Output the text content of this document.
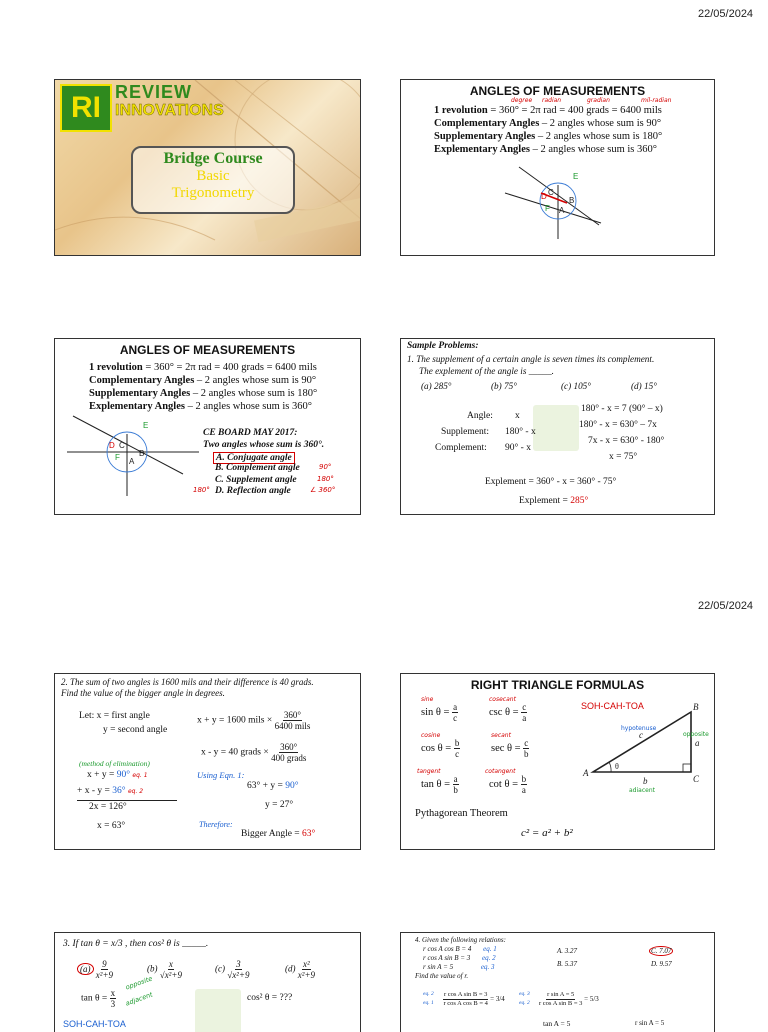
22/05/2024
22/05/2024
RI REVIEW
INNOVATIONS
Bridge Course
Basic
Trigonometry
ANGLES OF MEASUREMENTS
degree radian	gradian	mil-radian
1 revolution = 360° = 2π rad = 400 grads = 6400 mils
Complementary Angles – 2 angles whose sum is 90°
Supplementary Angles – 2 angles whose sum is 180°
Explementary Angles – 2 angles whose sum is 360°
D C
B
A
E
F
ANGLES OF MEASUREMENTS
1 revolution = 360° = 2π rad = 400 grads = 6400 mils
Complementary Angles – 2 angles whose sum is 90°
Supplementary Angles – 2 angles whose sum is 180°
Explementary Angles – 2 angles whose sum is 360°
D C
B
A
E
F
CE BOARD MAY 2017:
Two angles whose sum is 360°.
A. Conjugate angle
B. Complement angle
C. Supplement angle
D. Reflection angle
90°
180°
180°	∠ 360°
Sample Problems:
1. The supplement of a certain angle is seven times its complement.
The explement of the angle is _____.
(a) 285°	(b) 75°	(c) 105°	(d) 15°
Angle: x
Supplement: 180° - x
Complement: 90° - x
180° - x = 7 (90° – x)
180° - x = 630° – 7x
7x - x = 630° - 180°
x = 75°
Explement = 360° - x = 360° - 75°
Explement = 285°
2. The sum of two angles is 1600 mils and their difference is 40 grads.
Find the value of the bigger angle in degrees.
Let: x = first angle
y = second angle
x + y = 1600 mils × $\frac{360^\circ}{\text{6400 mils}}$
x - y = 40 grads × $\frac{360^\circ}{\text{400 grads}}$
(method of elimination)
x + y = 90° eq. 1
+ x - y = 36° eq. 2
2x = 126°
x = 63°
Using Eqn. 1:
63° + y = 90°
y = 27°
Therefore:
Bigger Angle = 63°
RIGHT TRIANGLE FORMULAS
sine
$\sin \theta = \frac{a}{c}$
cosecant
$\csc \theta = \frac{c}{a}$
cosine
$\cos \theta = \frac{b}{c}$
secant
$\sec \theta = \frac{c}{b}$
tangent
$\tan \theta = \frac{a}{b}$
cotangent
$\cot \theta = \frac{b}{a}$
SOH-CAH-TOA
Pythagorean Theorem
c² = a² + b²
A
B
C
θ
c
a
b
hypotenuse
opposite
adjacent
3. If tan θ = x/3 , then cos² θ is _____.
$(a) \frac{9}{\text{x²+9}}$	$(b) \frac{x}{\text{√x²+9}}$	$(c) \frac{3}{\text{√x²+9}}$	$(d) \frac{\text{x²}}{\text{x²+9}}$
$\tan \theta = \frac{x}{3}$
opposite
adjacent	cos² θ = ???
SOH-CAH-TOA
4. Given the following relations:
r cos A cos B = 4 eq. 1
r cos A sin B = 3 eq. 2
r sin A = 5	eq. 3
Find the value of r.
A. 3.27
B. 5.37
C. 7.07
D. 9.57
eq. 2
eq. $1 \frac{\text{r cos A sin B = 3}}{\text{r cos A cos B = 4}} = 3/4$
eq. 3
eq. $2 \frac{\text{r sin A = 5}}{\text{r cos A sin B = 3}} = 5/3$
tan A = 5	r sin A = 5
